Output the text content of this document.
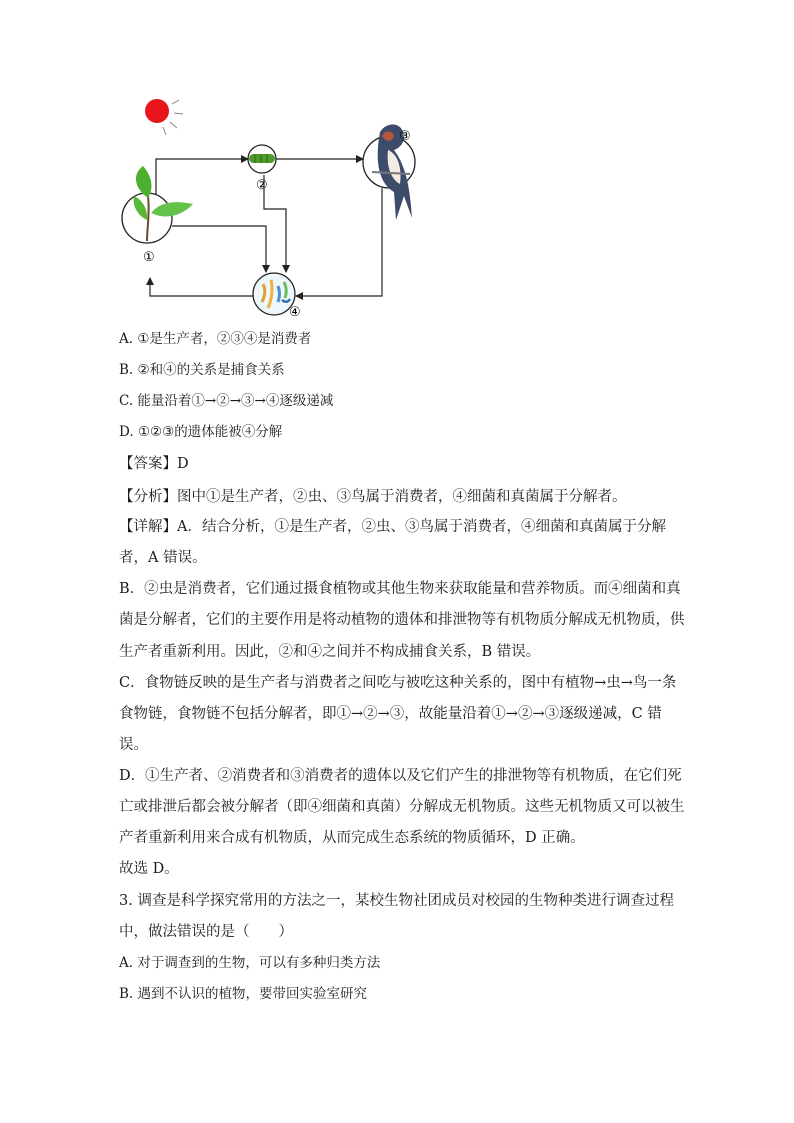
①
②
③
④
A. ①是生产者，②③④是消费者
B. ②和④的关系是捕食关系
C. 能量沿着①→②→③→④逐级递减
D. ①②③的遗体能被④分解
【答案】D
【分析】图中①是生产者，②虫、③鸟属于消费者，④细菌和真菌属于分解者。
【详解】A．结合分析，①是生产者，②虫、③鸟属于消费者，④细菌和真菌属于分解
者，A 错误。
B．②虫是消费者，它们通过摄食植物或其他生物来获取能量和营养物质。而④细菌和真
菌是分解者，它们的主要作用是将动植物的遗体和排泄物等有机物质分解成无机物质，供
生产者重新利用。因此，②和④之间并不构成捕食关系，B 错误。
C．食物链反映的是生产者与消费者之间吃与被吃这种关系的，图中有植物→虫→鸟一条
食物链，食物链不包括分解者，即①→②→③，故能量沿着①→②→③逐级递减，C 错
误。
D．①生产者、②消费者和③消费者的遗体以及它们产生的排泄物等有机物质，在它们死
亡或排泄后都会被分解者（即④细菌和真菌）分解成无机物质。这些无机物质又可以被生
产者重新利用来合成有机物质，从而完成生态系统的物质循环，D 正确。
故选 D。
3. 调查是科学探究常用的方法之一，某校生物社团成员对校园的生物种类进行调查过程
中，做法错误的是（　　）
A. 对于调查到的生物，可以有多种归类方法
B. 遇到不认识的植物，要带回实验室研究
